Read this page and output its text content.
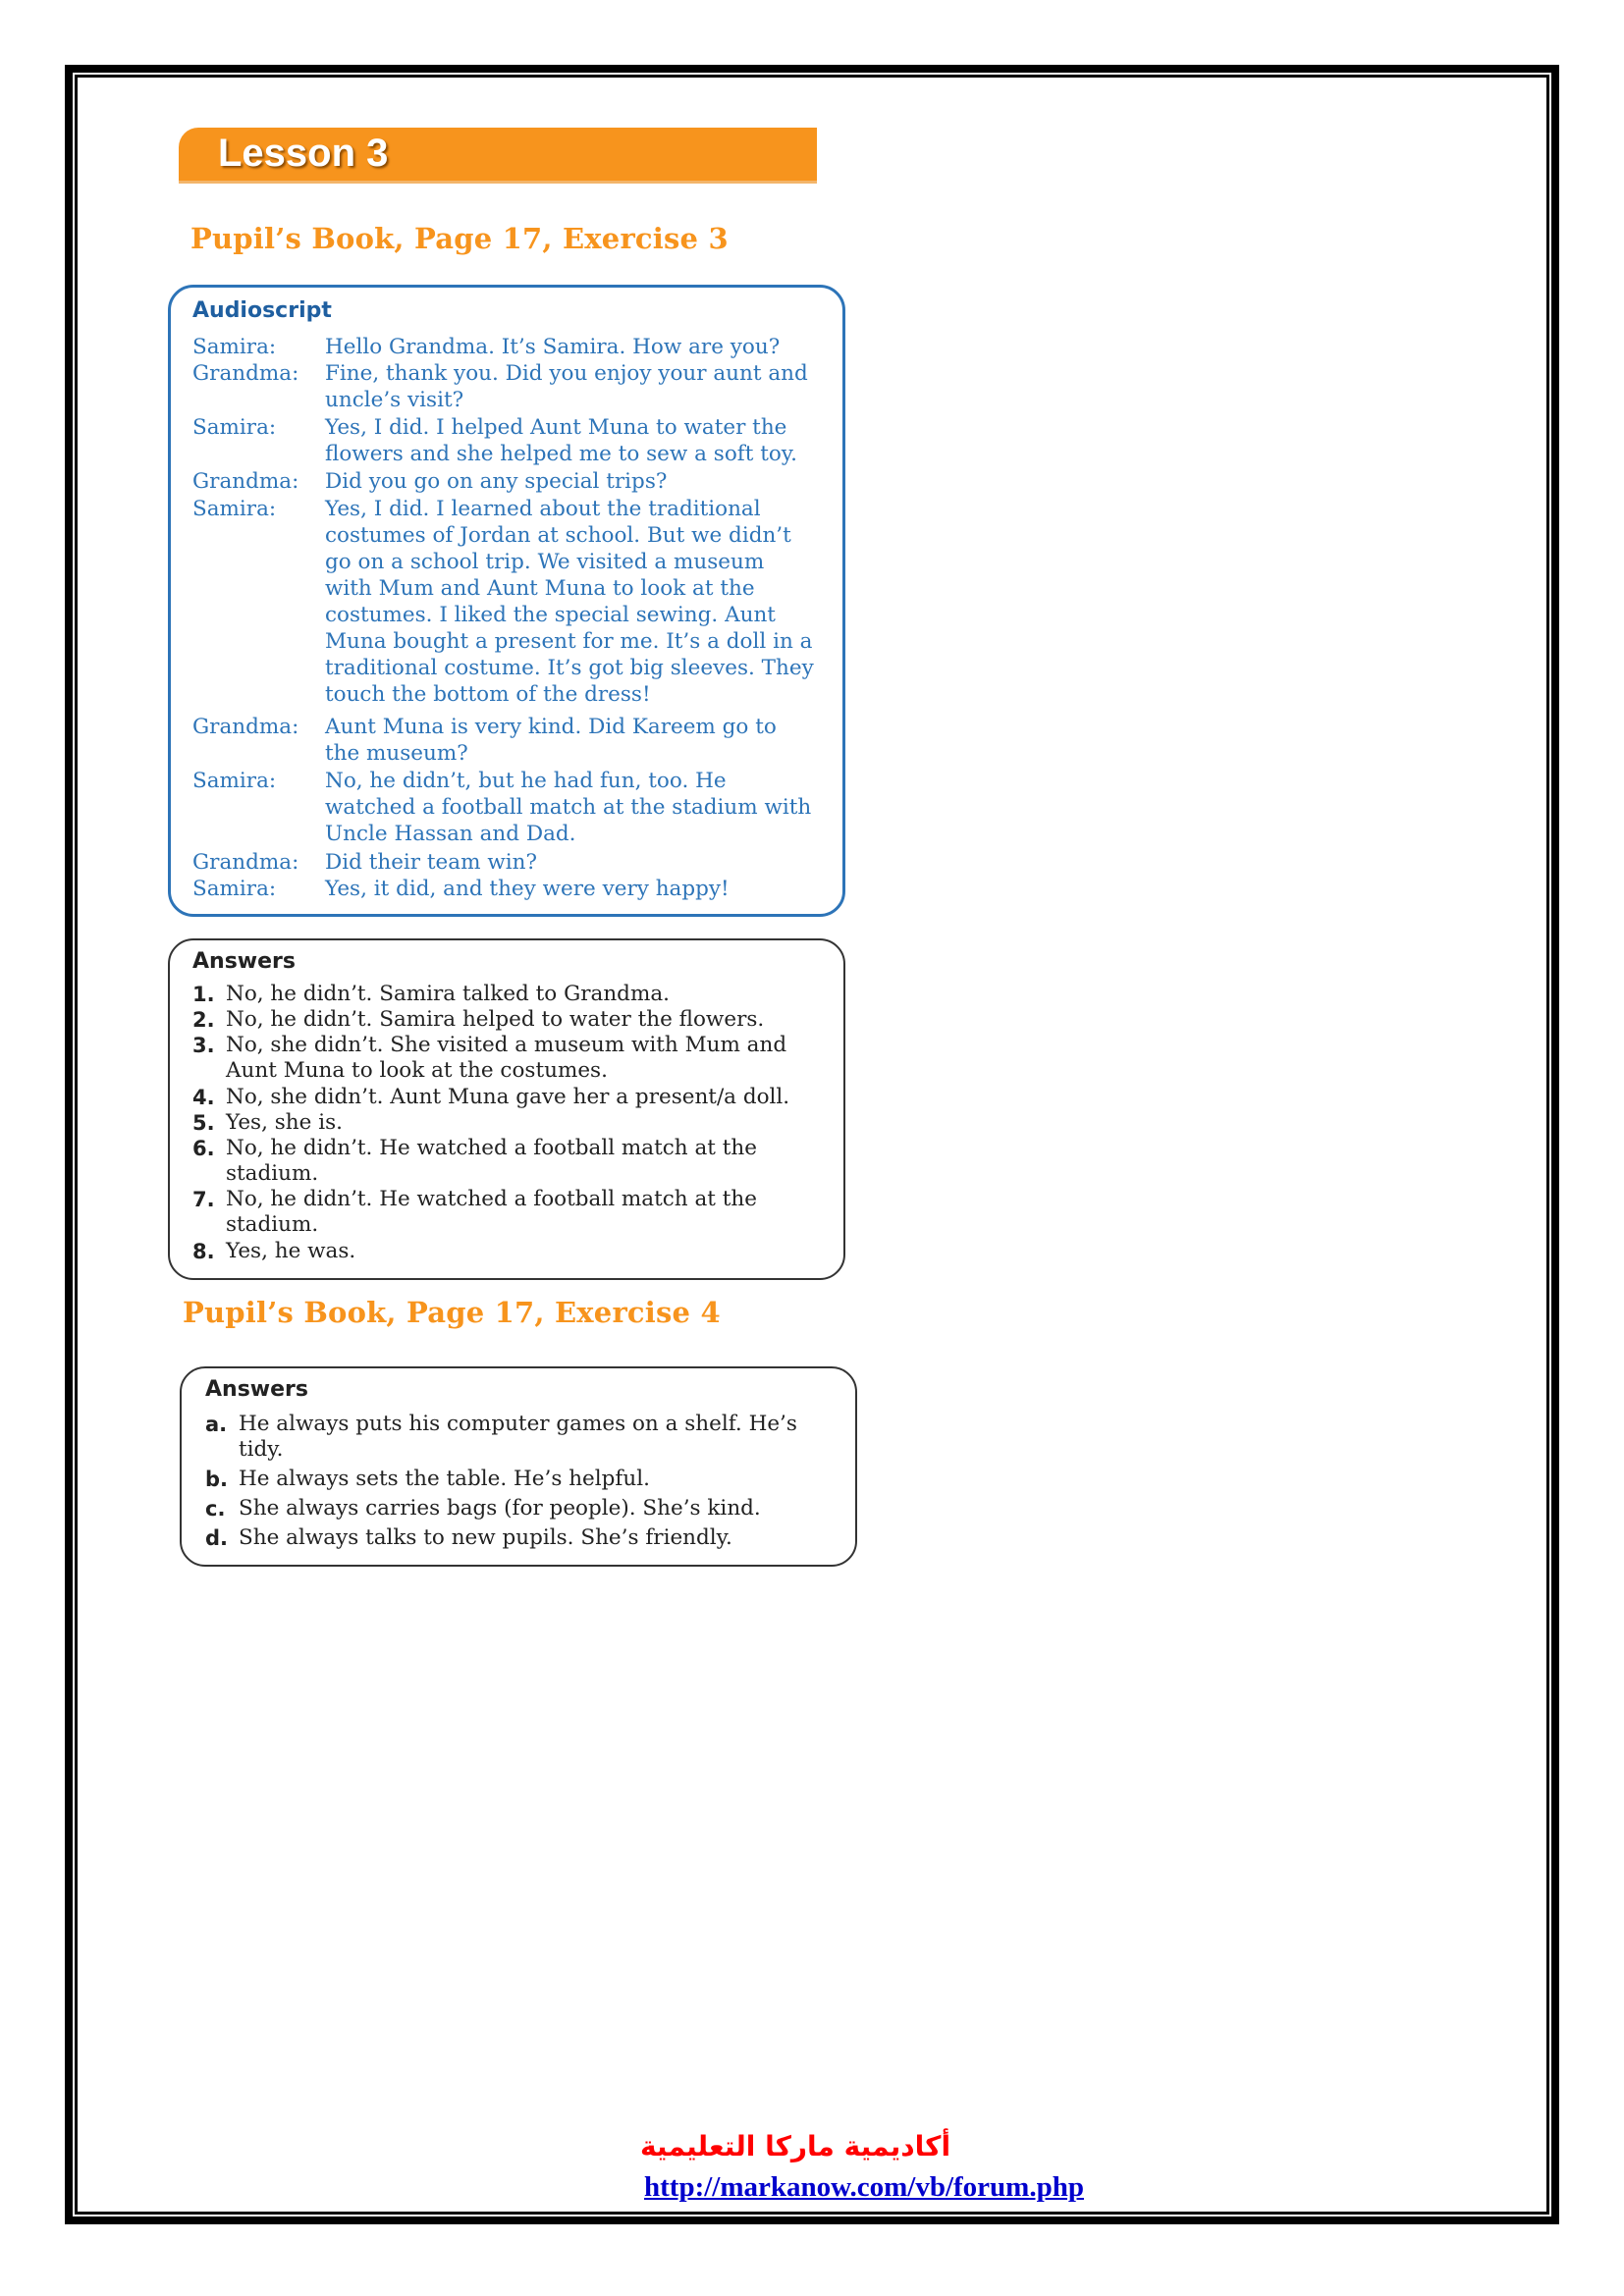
Lesson 3
Pupil’s Book, Page 17, Exercise 3
Audioscript
Samira: Hello Grandma. It’s Samira. How are you?
Grandma: Fine, thank you. Did you enjoy your aunt and uncle’s visit?
Samira: Yes, I did. I helped Aunt Muna to water the flowers and she helped me to sew a soft toy.
Grandma: Did you go on any special trips?
Samira: Yes, I did. I learned about the traditional costumes of Jordan at school. But we didn’t go on a school trip. We visited a museum with Mum and Aunt Muna to look at the costumes. I liked the special sewing. Aunt Muna bought a present for me. It’s a doll in a traditional costume. It’s got big sleeves. They touch the bottom of the dress!
Grandma: Aunt Muna is very kind. Did Kareem go to the museum?
Samira: No, he didn’t, but he had fun, too. He watched a football match at the stadium with Uncle Hassan and Dad.
Grandma: Did their team win?
Samira: Yes, it did, and they were very happy!
Answers
1. No, he didn’t. Samira talked to Grandma.
2. No, he didn’t. Samira helped to water the flowers.
3. No, she didn’t. She visited a museum with Mum and Aunt Muna to look at the costumes.
4. No, she didn’t. Aunt Muna gave her a present/a doll.
5. Yes, she is.
6. No, he didn’t. He watched a football match at the stadium.
7. No, he didn’t. He watched a football match at the stadium.
8. Yes, he was.
Pupil’s Book, Page 17, Exercise 4
Answers
a. He always puts his computer games on a shelf. He’s tidy.
b. He always sets the table. He’s helpful.
c. She always carries bags (for people). She’s kind.
d. She always talks to new pupils. She’s friendly.
أكاديمية ماركا التعليمية
http://markanow.com/vb/forum.php
